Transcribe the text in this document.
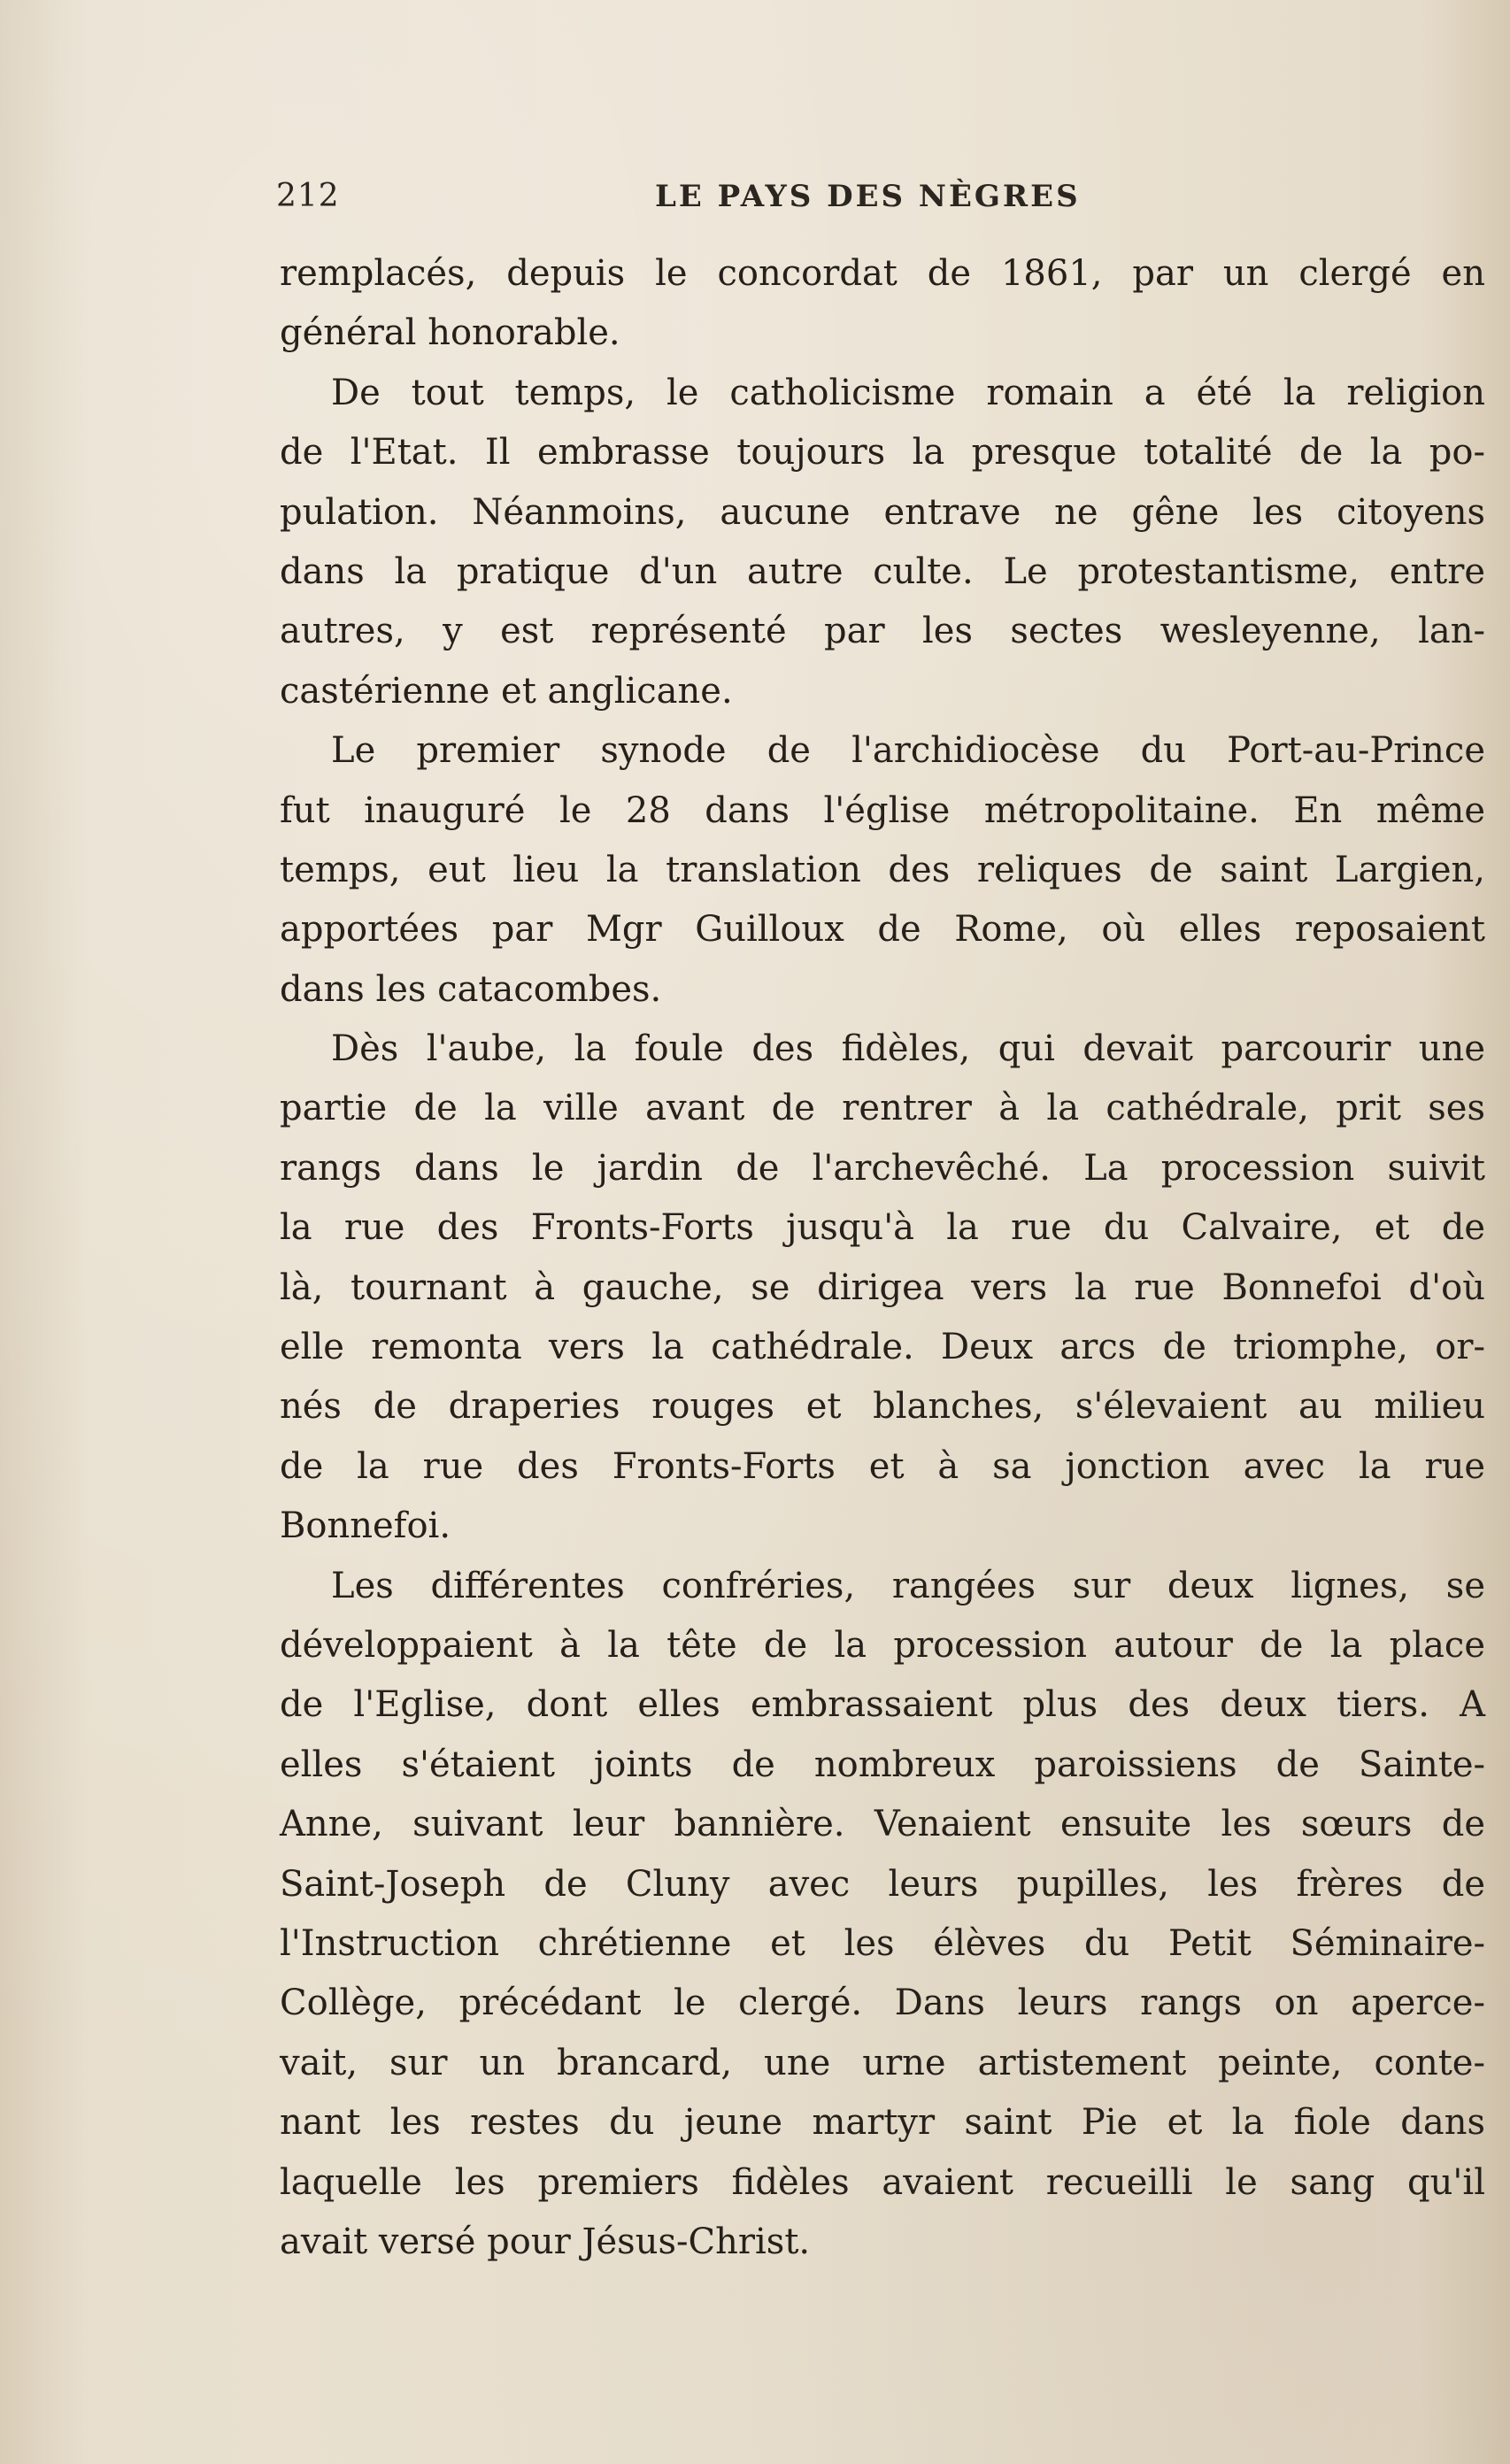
212	LE PAYS DES NÈGRES
remplacés, depuis le concordat de 1861, par un clergé en
général honorable.
De tout temps, le catholicisme romain a été la religion
de l'Etat. Il embrasse toujours la presque totalité de la po-
pulation. Néanmoins, aucune entrave ne gêne les citoyens
dans la pratique d'un autre culte. Le protestantisme, entre
autres, y est représenté par les sectes wesleyenne, lan-
castérienne et anglicane.
Le premier synode de l'archidiocèse du Port-au-Prince
fut inauguré le 28 dans l'église métropolitaine. En même
temps, eut lieu la translation des reliques de saint Largien,
apportées par Mgr Guilloux de Rome, où elles reposaient
dans les catacombes.
Dès l'aube, la foule des fidèles, qui devait parcourir une
partie de la ville avant de rentrer à la cathédrale, prit ses
rangs dans le jardin de l'archevêché. La procession suivit
la rue des Fronts-Forts jusqu'à la rue du Calvaire, et de
là, tournant à gauche, se dirigea vers la rue Bonnefoi d'où
elle remonta vers la cathédrale. Deux arcs de triomphe, or-
nés de draperies rouges et blanches, s'élevaient au milieu
de la rue des Fronts-Forts et à sa jonction avec la rue
Bonnefoi.
Les différentes confréries, rangées sur deux lignes, se
développaient à la tête de la procession autour de la place
de l'Eglise, dont elles embrassaient plus des deux tiers. A
elles s'étaient joints de nombreux paroissiens de Sainte-
Anne, suivant leur bannière. Venaient ensuite les sœurs de
Saint-Joseph de Cluny avec leurs pupilles, les frères de
l'Instruction chrétienne et les élèves du Petit Séminaire-
Collège, précédant le clergé. Dans leurs rangs on aperce-
vait, sur un brancard, une urne artistement peinte, conte-
nant les restes du jeune martyr saint Pie et la fiole dans
laquelle les premiers fidèles avaient recueilli le sang qu'il
avait versé pour Jésus-Christ.
